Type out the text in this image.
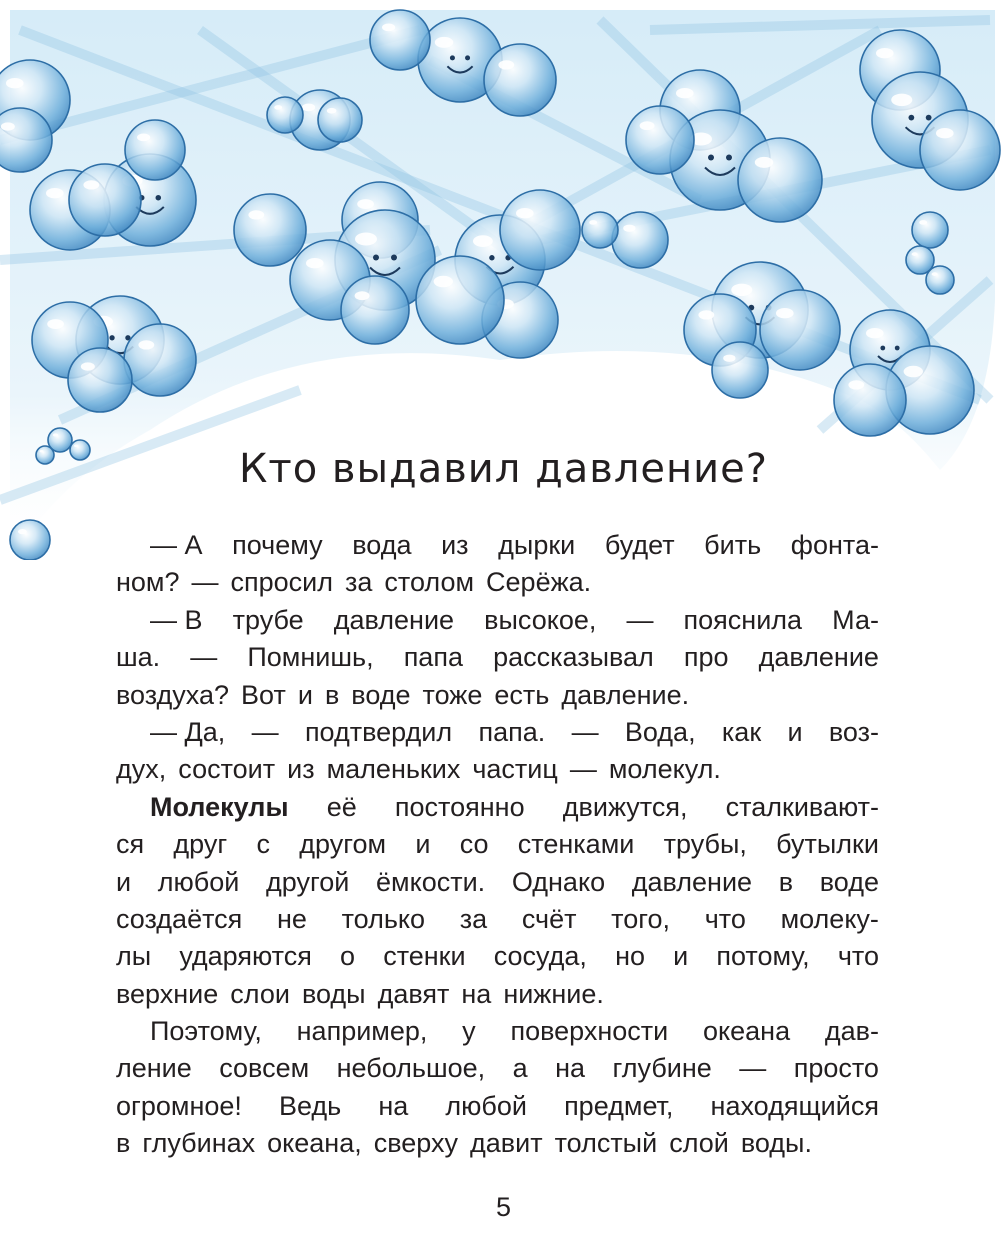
Кто выдавил давление?
— А почему вода из дырки будет бить фонта-
ном? — спросил за столом Серёжа.
— В трубе давление высокое, — пояснила Ма-
ша. — Помнишь, папа рассказывал про давление
воздуха? Вот и в воде тоже есть давление.
— Да, — подтвердил папа. — Вода, как и воз-
дух, состоит из маленьких частиц — молекул.
Молекулы её постоянно движутся, сталкивают-
ся друг с другом и со стенками трубы, бутылки
и любой другой ёмкости. Однако давление в воде
создаётся не только за счёт того, что молеку-
лы ударяются о стенки сосуда, но и потому, что
верхние слои воды давят на нижние.
Поэтому, например, у поверхности океана дав-
ление совсем небольшое, а на глубине — просто
огромное! Ведь на любой предмет, находящийся
в глубинах океана, сверху давит толстый слой воды.
5
